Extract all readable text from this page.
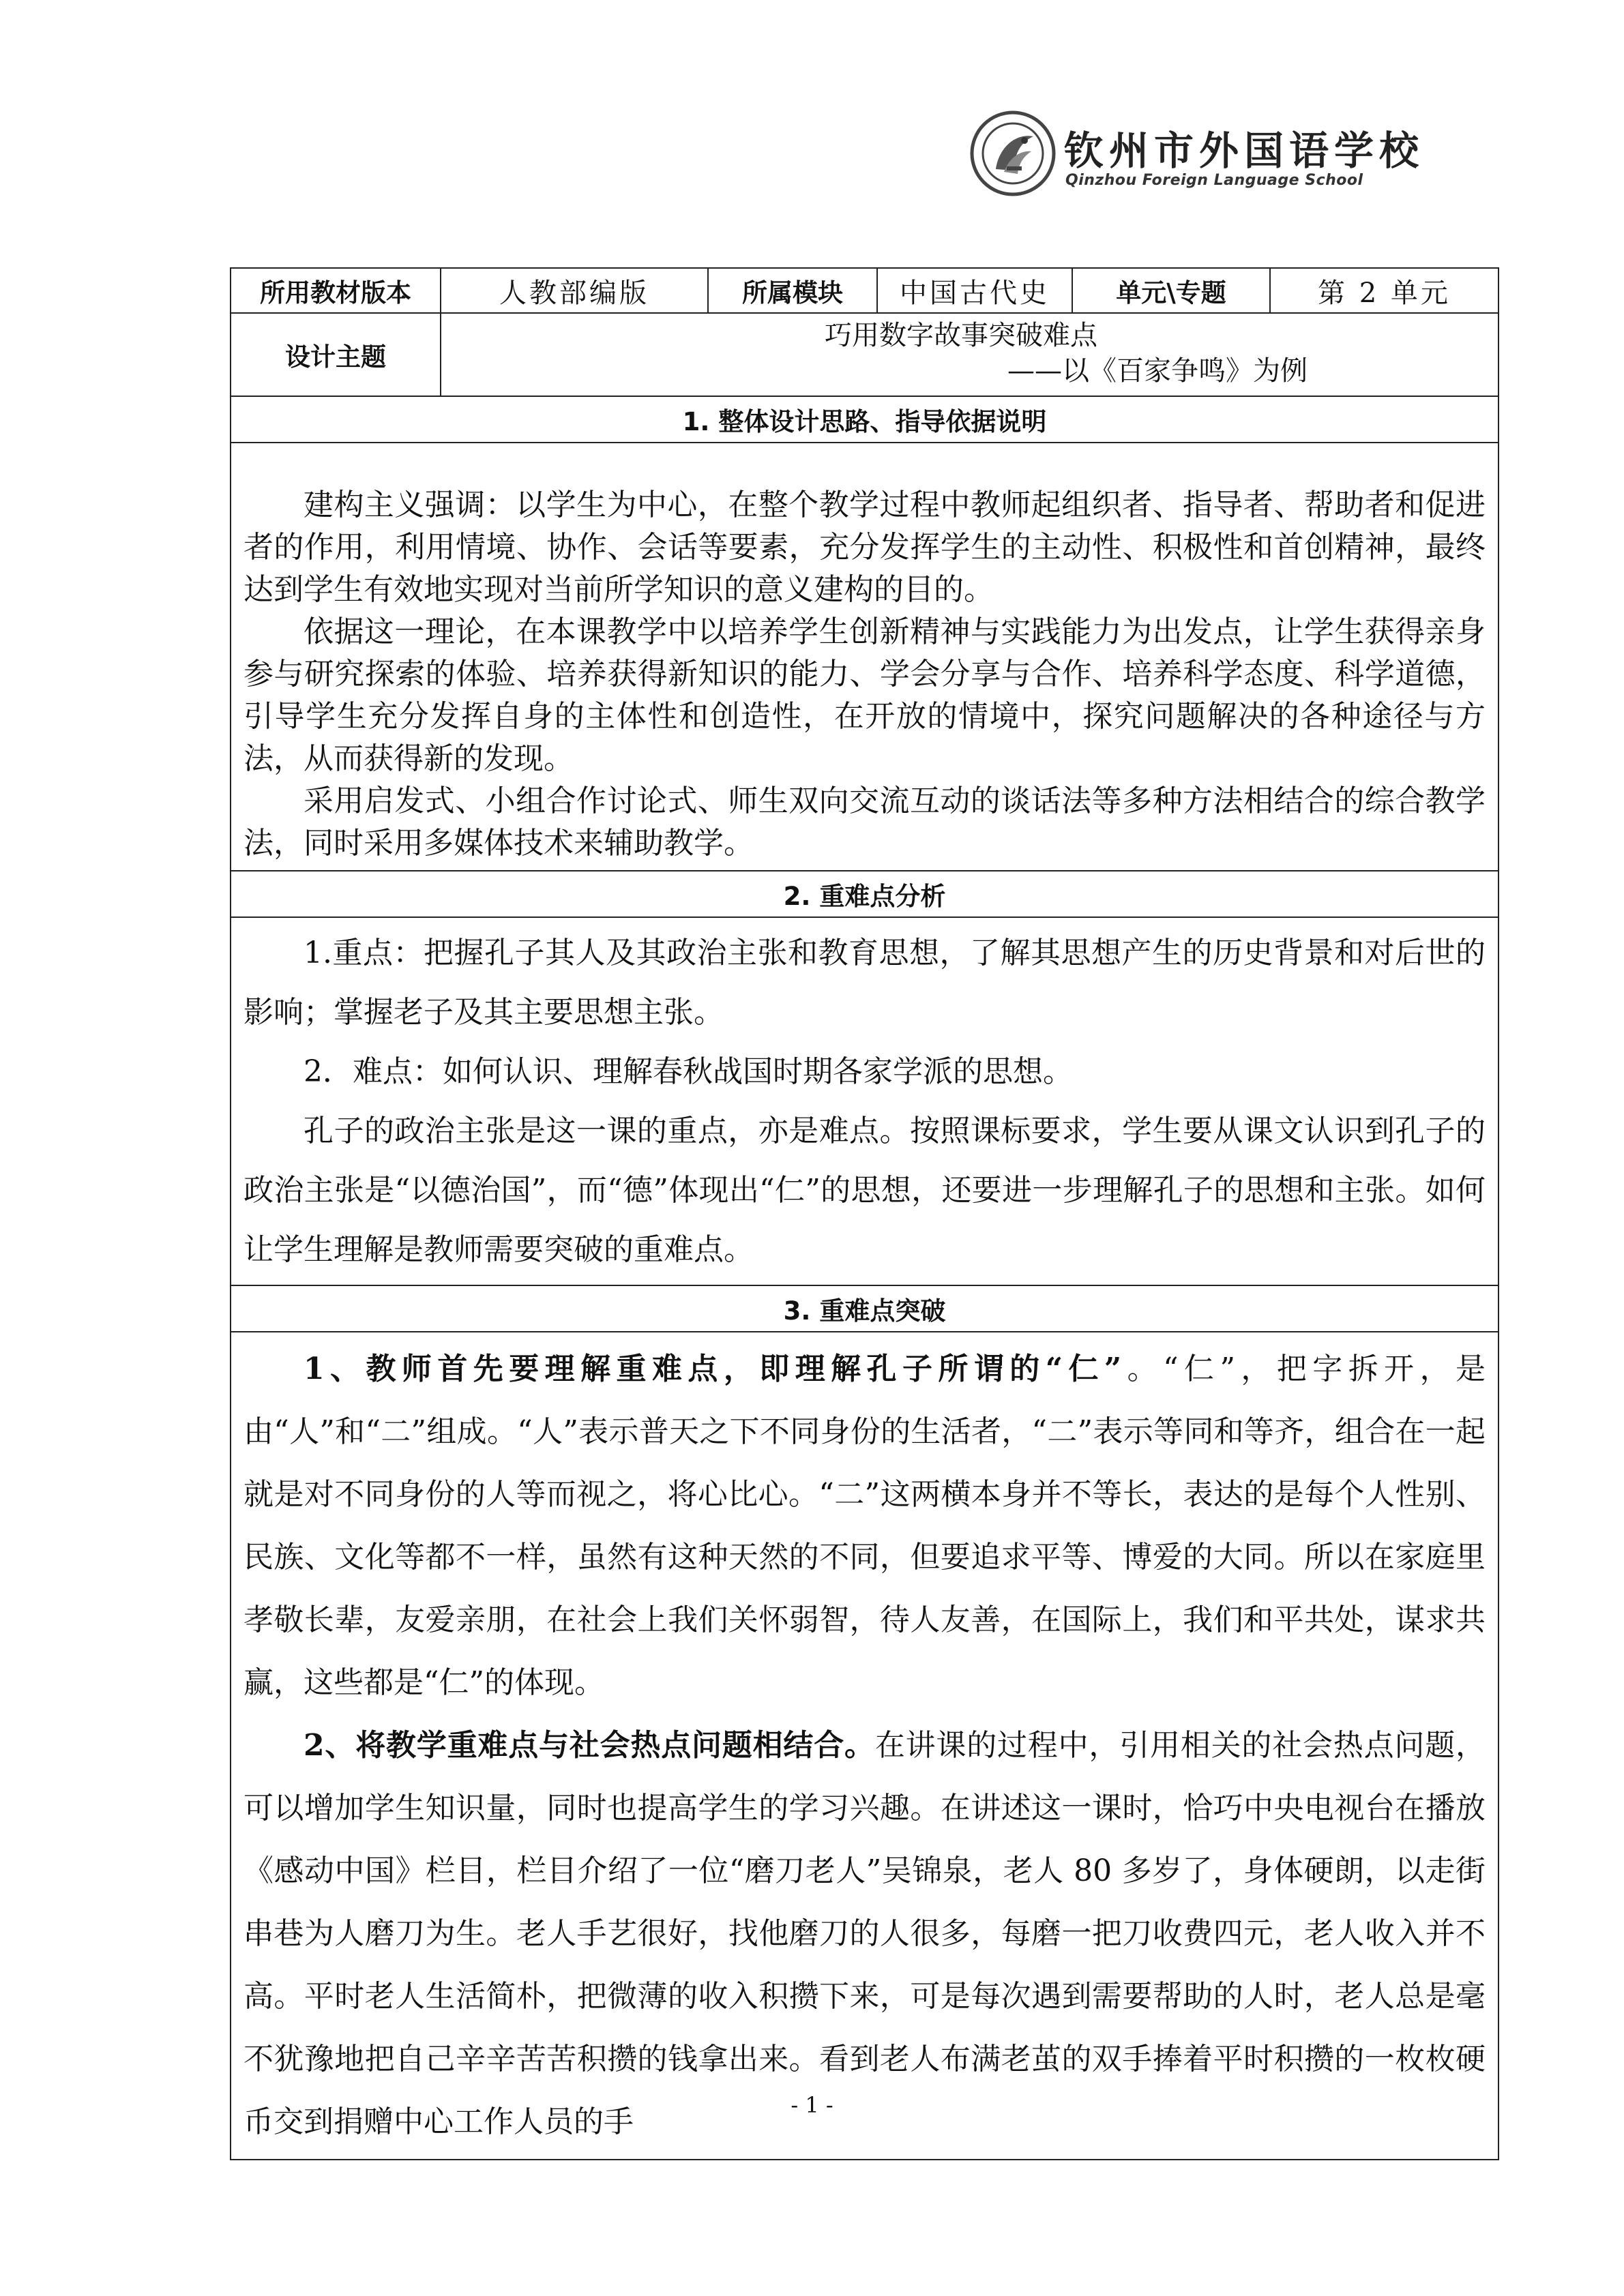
钦州市外国语学校
Qinzhou Foreign Language School
所用教材版本	人教部编版	所属模块	中国古代史	单元\专题	第 2 单元
设计主题	巧用数字故事突破难点
——以《百家争鸣》为例				

1. 整体设计思路、指导依据说明					

建构主义强调：以学生为中心，在整个教学过程中教师起组织者、指导者、帮助者和促进者的作用，利用情境、协作、会话等要素，充分发挥学生的主动性、积极性和首创精神，最终达到学生有效地实现对当前所学知识的意义建构的目的。

依据这一理论，在本课教学中以培养学生创新精神与实践能力为出发点，让学生获得亲身参与研究探索的体验、培养获得新知识的能力、学会分享与合作、培养科学态度、科学道德，引导学生充分发挥自身的主体性和创造性，在开放的情境中，探究问题解决的各种途径与方法，从而获得新的发现。

采用启发式、小组合作讨论式、师生双向交流互动的谈话法等多种方法相结合的综合教学法，同时采用多媒体技术来辅助教学。					

2. 重难点分析					

1.重点：把握孔子其人及其政治主张和教育思想，了解其思想产生的历史背景和对后世的影响；掌握老子及其主要思想主张。

2．难点：如何认识、理解春秋战国时期各家学派的思想。

孔子的政治主张是这一课的重点，亦是难点。按照课标要求，学生要从课文认识到孔子的政治主张是“以德治国”，而“德”体现出“仁”的思想，还要进一步理解孔子的思想和主张。如何让学生理解是教师需要突破的重难点。					

3. 重难点突破					

1、教师首先要理解重难点，即理解孔子所谓的“仁”。“仁”，把字拆开，是由“人”和“二”组成。“人”表示普天之下不同身份的生活者，“二”表示等同和等齐，组合在一起就是对不同身份的人等而视之，将心比心。“二”这两横本身并不等长，表达的是每个人性别、 民族、文化等都不一样，虽然有这种天然的不同，但要追求平等、博爱的大同。所以在家庭里孝敬长辈，友爱亲朋，在社会上我们关怀弱智，待人友善，在国际上，我们和平共处，谋求共赢，这些都是“仁”的体现。

2、将教学重难点与社会热点问题相结合。在讲课的过程中，引用相关的社会热点问题，可以增加学生知识量，同时也提高学生的学习兴趣。在讲述这一课时，恰巧中央电视台在播放《感动中国》栏目，栏目介绍了一位“磨刀老人”吴锦泉，老人 80 多岁了，身体硬朗，以走街串巷为人磨刀为生。老人手艺很好，找他磨刀的人很多，每磨一把刀收费四元，老人收入并不高。平时老人生活简朴，把微薄的收入积攒下来，可是每次遇到需要帮助的人时，老人总是毫不犹豫地把自己辛辛苦苦积攒的钱拿出来。看到老人布满老茧的双手捧着平时积攒的一枚枚硬币交到捐赠中心工作人员的手						- 1 -
